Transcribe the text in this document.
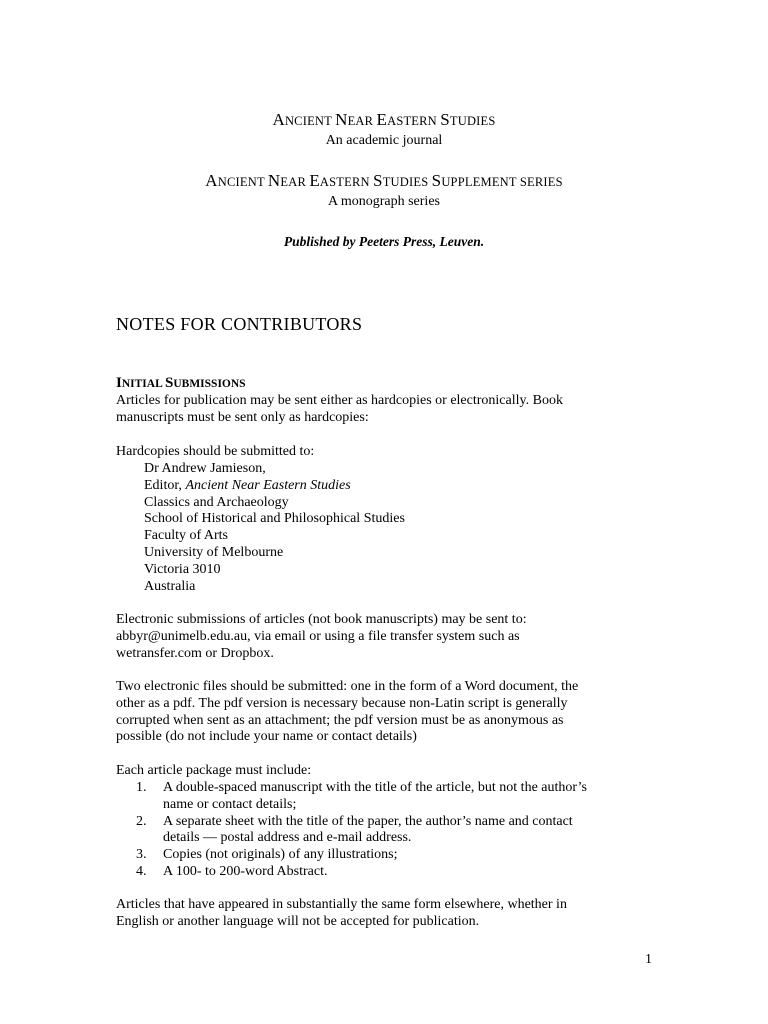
ANCIENT NEAR EASTERN STUDIES
An academic journal
ANCIENT NEAR EASTERN STUDIES SUPPLEMENT SERIES
A monograph series
Published by Peeters Press, Leuven.
NOTES FOR CONTRIBUTORS
INITIAL SUBMISSIONS
Articles for publication may be sent either as hardcopies or electronically. Book
manuscripts must be sent only as hardcopies:
Hardcopies should be submitted to:
Dr Andrew Jamieson,
Editor, Ancient Near Eastern Studies
Classics and Archaeology
School of Historical and Philosophical Studies
Faculty of Arts
University of Melbourne
Victoria 3010
Australia
Electronic submissions of articles (not book manuscripts) may be sent to:
abbyr@unimelb.edu.au, via email or using a file transfer system such as
wetransfer.com or Dropbox.
Two electronic files should be submitted: one in the form of a Word document, the
other as a pdf. The pdf version is necessary because non-Latin script is generally
corrupted when sent as an attachment; the pdf version must be as anonymous as
possible (do not include your name or contact details)
Each article package must include:
1.	A double-spaced manuscript with the title of the article, but not the author’s
name or contact details;
2.	A separate sheet with the title of the paper, the author’s name and contact
details — postal address and e-mail address.
3.	Copies (not originals) of any illustrations;
4.	A 100- to 200-word Abstract.
Articles that have appeared in substantially the same form elsewhere, whether in
English or another language will not be accepted for publication.
1
